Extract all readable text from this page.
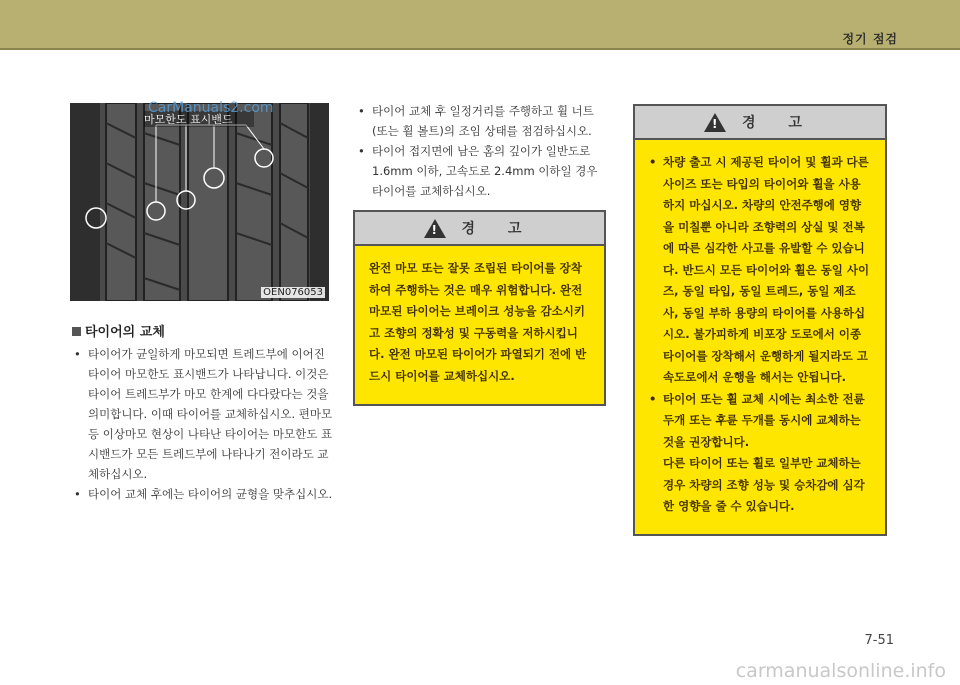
정기 점검
마모한도 표시밴드
OEN076053
CarManuals2.com
타이어의 교체
• 타이어가 균일하게 마모되면 트레드부에 이어진 타이어 마모한도 표시밴드가 나타납니다. 이것은 타이어 트레드부가 마모 한계에 다다랐다는 것을 의미합니다. 이때 타이어를 교체하십시오. 편마모등 이상마모 현상이 나타난 타이어는 마모한도 표시밴드가 모든 트레드부에 나타나기 전이라도 교체하십시오.
• 타이어 교체 후에는 타이어의 균형을 맞추십시오.
• 타이어 교체 후 일정거리를 주행하고 휠 너트(또는 휠 볼트)의 조임 상태를 점검하십시오.
• 타이어 접지면에 남은 홈의 깊이가 일반도로 1.6mm 이하, 고속도로 2.4mm 이하일 경우 타이어를 교체하십시오.
! 경 고
완전 마모 또는 잘못 조립된 타이어를 장착하여 주행하는 것은 매우 위험합니다. 완전 마모된 타이어는 브레이크 성능을 감소시키고 조향의 정확성 및 구동력을 저하시킵니다. 완전 마모된 타이어가 파열되기 전에 반드시 타이어를 교체하십시오.
! 경 고
• 차량 출고 시 제공된 타이어 및 휠과 다른 사이즈 또는 타입의 타이어와 휠을 사용하지 마십시오. 차량의 안전주행에 영향을 미칠뿐 아니라 조향력의 상실 및 전복에 따른 심각한 사고를 유발할 수 있습니다. 반드시 모든 타이어와 휠은 동일 사이즈, 동일 타입, 동일 트레드, 동일 제조사, 동일 부하 용량의 타이어를 사용하십시오. 불가피하게 비포장 도로에서 이종 타이어를 장착해서 운행하게 될지라도 고속도로에서 운행을 해서는 안됩니다.
• 타이어 또는 휠 교체 시에는 최소한 전륜 두개 또는 후륜 두개를 동시에 교체하는 것을 권장합니다.
다른 타이어 또는 휠로 일부만 교체하는 경우 차량의 조향 성능 및 승차감에 심각한 영향을 줄 수 있습니다.
7-51
carmanualsonline.info
